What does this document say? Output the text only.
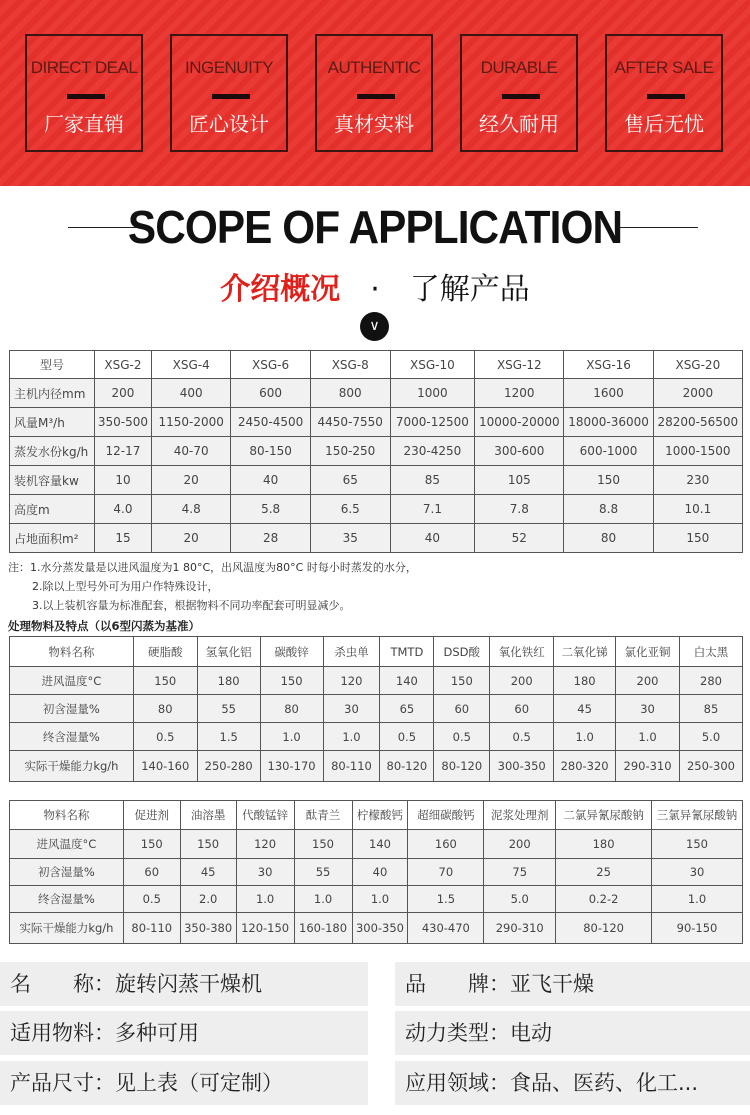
DIRECT DEAL
厂家直销
INGENUITY
匠心设计
AUTHENTIC
真材实料
DURABLE
经久耐用
AFTER SALE
售后无忧
SCOPE OF APPLICATION
介绍概况 · 了解产品
∨
型号	XSG-2	XSG-4	XSG-6	XSG-8	XSG-10	XSG-12	XSG-16	XSG-20
主机内径mm	200	400	600	800	1000	1200	1600	2000
风量M³/h	350-500	1150-2000	2450-4500	4450-7550	7000-12500	10000-20000	18000-36000	28200-56500
蒸发水份kg/h	12-17	40-70	80-150	150-250	230-4250	300-600	600-1000	1000-1500
装机容量kw	10	20	40	65	85	105	150	230
高度m	4.0	4.8	5.8	6.5	7.1	7.8	8.8	10.1
占地面积m²	15	20	28	35	40	52	80	150
注：1.水分蒸发量是以进风温度为1 80°C，出风温度为80°C 时每小时蒸发的水分，
2.除以上型号外可为用户作特殊设计，
3.以上装机容量为标准配套，根据物料不同功率配套可明显减少。
处理物料及特点（以6型闪蒸为基准）
物料名称	硬脂酸	氢氧化铝	碳酸锌	杀虫单	TMTD	DSD酸	氧化铁红	二氧化锑	氯化亚铜	白太黑
进风温度°C	150	180	150	120	140	150	200	180	200	280
初含湿量%	80	55	80	30	65	60	60	45	30	85
终含湿量%	0.5	1.5	1.0	1.0	0.5	0.5	0.5	1.0	1.0	5.0
实际干燥能力kg/h	140-160	250-280	130-170	80-110	80-120	80-120	300-350	280-320	290-310	250-300
物料名称	促进剂	油溶墨	代酸锰锌	酞青兰	柠檬酸钙	超细碳酸钙	泥浆处理剂	二氯异氰尿酸钠	三氯异氰尿酸钠
进风温度°C	150	150	120	150	140	160	200	180	150
初含湿量%	60	45	30	55	40	70	75	25	30
终含湿量%	0.5	2.0	1.0	1.0	1.0	1.5	5.0	0.2-2	1.0
实际干燥能力kg/h	80-110	350-380	120-150	160-180	300-350	430-470	290-310	80-120	90-150
名　　称：旋转闪蒸干燥机	品　　牌：亚飞干燥
适用物料：多种可用	动力类型：电动
产品尺寸：见上表（可定制）	应用领域：食品、医药、化工...
